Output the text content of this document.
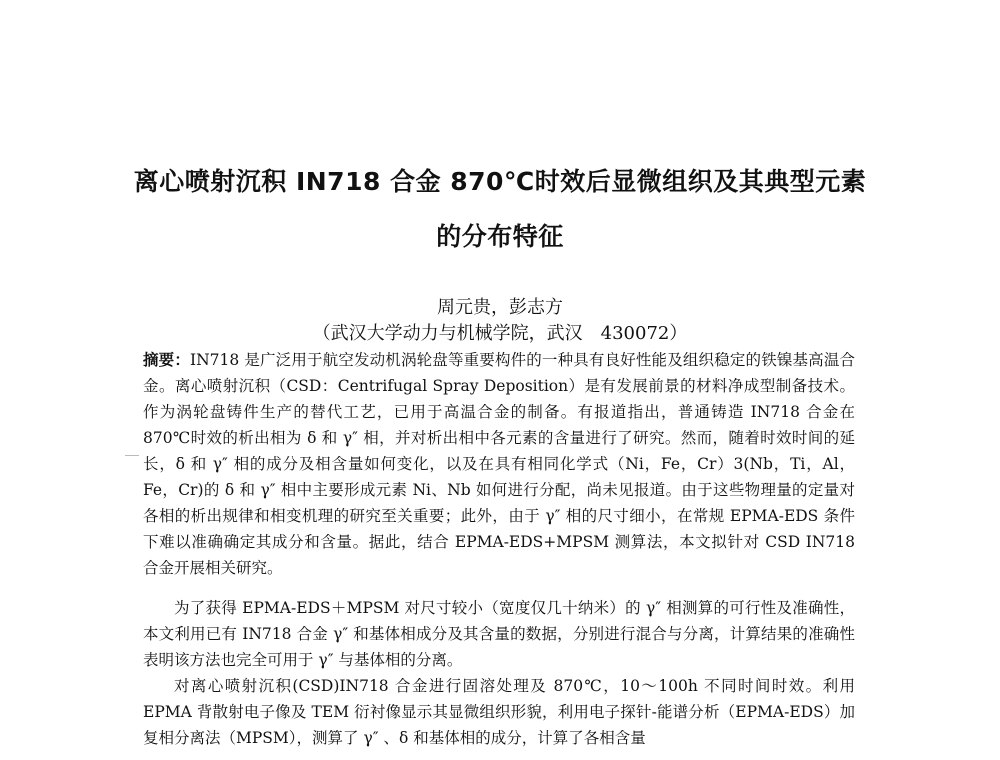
离心喷射沉积 IN718 合金 870℃时效后显微组织及其典型元素
的分布特征
周元贵，彭志方
（武汉大学动力与机械学院，武汉　430072）

摘要：IN718 是广泛用于航空发动机涡轮盘等重要构件的一种具有良好性能及组织稳定的铁镍基高温合金。离心喷射沉积（CSD：Centrifugal Spray Deposition）是有发展前景的材料净成型制备技术。作为涡轮盘铸件生产的替代工艺，已用于高温合金的制备。有报道指出，普通铸造 IN718 合金在 870℃时效的析出相为 δ 和 γ″ 相，并对析出相中各元素的含量进行了研究。然而，随着时效时间的延长，δ 和 γ″ 相的成分及相含量如何变化，以及在具有相同化学式（Ni，Fe，Cr）3(Nb，Ti，Al，Fe，Cr)的 δ 和 γ″ 相中主要形成元素 Ni、Nb 如何进行分配，尚未见报道。由于这些物理量的定量对各相的析出规律和相变机理的研究至关重要；此外，由于 γ″ 相的尺寸细小，在常规 EPMA-EDS 条件下难以准确确定其成分和含量。据此，结合 EPMA-EDS+MPSM 测算法，本文拟针对 CSD IN718 合金开展相关研究。

为了获得 EPMA-EDS＋MPSM 对尺寸较小（宽度仅几十纳米）的 γ″ 相测算的可行性及准确性，本文利用已有 IN718 合金 γ″ 和基体相成分及其含量的数据，分别进行混合与分离，计算结果的准确性表明该方法也完全可用于 γ″ 与基体相的分离。

对离心喷射沉积(CSD)IN718 合金进行固溶处理及 870℃，10～100h 不同时间时效。利用 EPMA 背散射电子像及 TEM 衍衬像显示其显微组织形貌，利用电子探针-能谱分析（EPMA-EDS）加复相分离法（MPSM），测算了 γ″ 、δ 和基体相的成分，计算了各相含量
